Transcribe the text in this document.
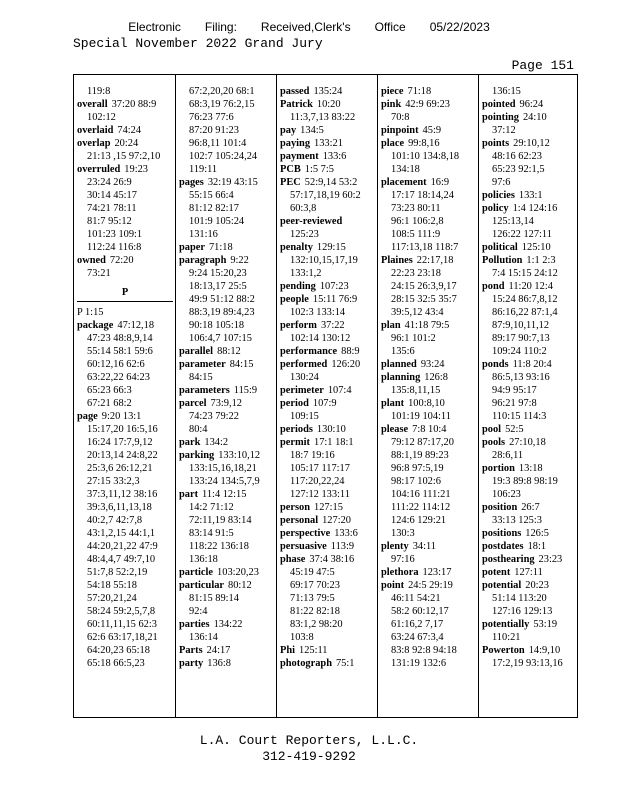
Electronic Filing: Received,Clerk's Office 05/22/2023
Special November 2022 Grand Jury
Page 151
119:8
overall 37:20 88:9
102:12
overlaid 74:24
overlap 20:24
21:13 ,15 97:2,10
overruled 19:23
23:24 26:9
30:14 45:17
74:21 78:11
81:7 95:12
101:23 109:1
112:24 116:8
owned 72:20
73:21
P
P 1:15
package 47:12,18
47:23 48:8,9,14
55:14 58:1 59:6
60:12,16 62:6
63:22,22 64:23
65:23 66:3
67:21 68:2
page 9:20 13:1
15:17,20 16:5,16
16:24 17:7,9,12
20:13,14 24:8,22
25:3,6 26:12,21
27:15 33:2,3
37:3,11,12 38:16
39:3,6,11,13,18
40:2,7 42:7,8
43:1,2,15 44:1,1
44:20,21,22 47:9
48:4,4,7 49:7,10
51:7,8 52:2,19
54:18 55:18
57:20,21,24
58:24 59:2,5,7,8
60:11,11,15 62:3
62:6 63:17,18,21
64:20,23 65:18
65:18 66:5,23
67:2,20,20 68:1
68:3,19 76:2,15
76:23 77:6
87:20 91:23
96:8,11 101:4
102:7 105:24,24
119:11
pages 32:19 43:15
55:15 66:4
81:12 82:17
101:9 105:24
131:16
paper 71:18
paragraph 9:22
9:24 15:20,23
18:13,17 25:5
49:9 51:12 88:2
88:3,19 89:4,23
90:18 105:18
106:4,7 107:15
parallel 88:12
parameter 84:15
84:15
parameters 115:9
parcel 73:9,12
74:23 79:22
80:4
park 134:2
parking 133:10,12
133:15,16,18,21
133:24 134:5,7,9
part 11:4 12:15
14:2 71:12
72:11,19 83:14
83:14 91:5
118:22 136:18
136:18
particle 103:20,23
particular 80:12
81:15 89:14
92:4
parties 134:22
136:14
Parts 24:17
party 136:8
passed 135:24
Patrick 10:20
11:3,7,13 83:22
pay 134:5
paying 133:21
payment 133:6
PCB 1:5 7:5
PEC 52:9,14 53:2
57:17,18,19 60:2
60:3,8
peer-reviewed
125:23
penalty 129:15
132:10,15,17,19
133:1,2
pending 107:23
people 15:11 76:9
102:3 133:14
perform 37:22
102:14 130:12
performance 88:9
performed 126:20
130:24
perimeter 107:4
period 107:9
109:15
periods 130:10
permit 17:1 18:1
18:7 19:16
105:17 117:17
117:20,22,24
127:12 133:11
person 127:15
personal 127:20
perspective 133:6
persuasive 113:9
phase 37:4 38:16
45:19 47:5
69:17 70:23
71:13 79:5
81:22 82:18
83:1,2 98:20
103:8
Phi 125:11
photograph 75:1
piece 71:18
pink 42:9 69:23
70:8
pinpoint 45:9
place 99:8,16
101:10 134:8,18
134:18
placement 16:9
17:17 18:14,24
73:23 80:11
96:1 106:2,8
108:5 111:9
117:13,18 118:7
Plaines 22:17,18
22:23 23:18
24:15 26:3,9,17
28:15 32:5 35:7
39:5,12 43:4
plan 41:18 79:5
96:1 101:2
135:6
planned 93:24
planning 126:8
135:8,11,15
plant 100:8,10
101:19 104:11
please 7:8 10:4
79:12 87:17,20
88:1,19 89:23
96:8 97:5,19
98:17 102:6
104:16 111:21
111:22 114:12
124:6 129:21
130:3
plenty 34:11
97:16
plethora 123:17
point 24:5 29:19
46:11 54:21
58:2 60:12,17
61:16,2 7,17
63:24 67:3,4
83:8 92:8 94:18
131:19 132:6
136:15
pointed 96:24
pointing 24:10
37:12
points 29:10,12
48:16 62:23
65:23 92:1,5
97:6
policies 133:1
policy 1:4 124:16
125:13,14
126:22 127:11
political 125:10
Pollution 1:1 2:3
7:4 15:15 24:12
pond 11:20 12:4
15:24 86:7,8,12
86:16,22 87:1,4
87:9,10,11,12
89:17 90:7,13
109:24 110:2
ponds 11:8 20:4
86:5,13 93:16
94:9 95:17
96:21 97:8
110:15 114:3
pool 52:5
pools 27:10,18
28:6,11
portion 13:18
19:3 89:8 98:19
106:23
position 26:7
33:13 125:3
positions 126:5
postdates 18:1
posthearing 23:23
potent 127:11
potential 20:23
51:14 113:20
127:16 129:13
potentially 53:19
110:21
Powerton 14:9,10
17:2,19 93:13,16
L.A. Court Reporters, L.L.C.
312-419-9292
